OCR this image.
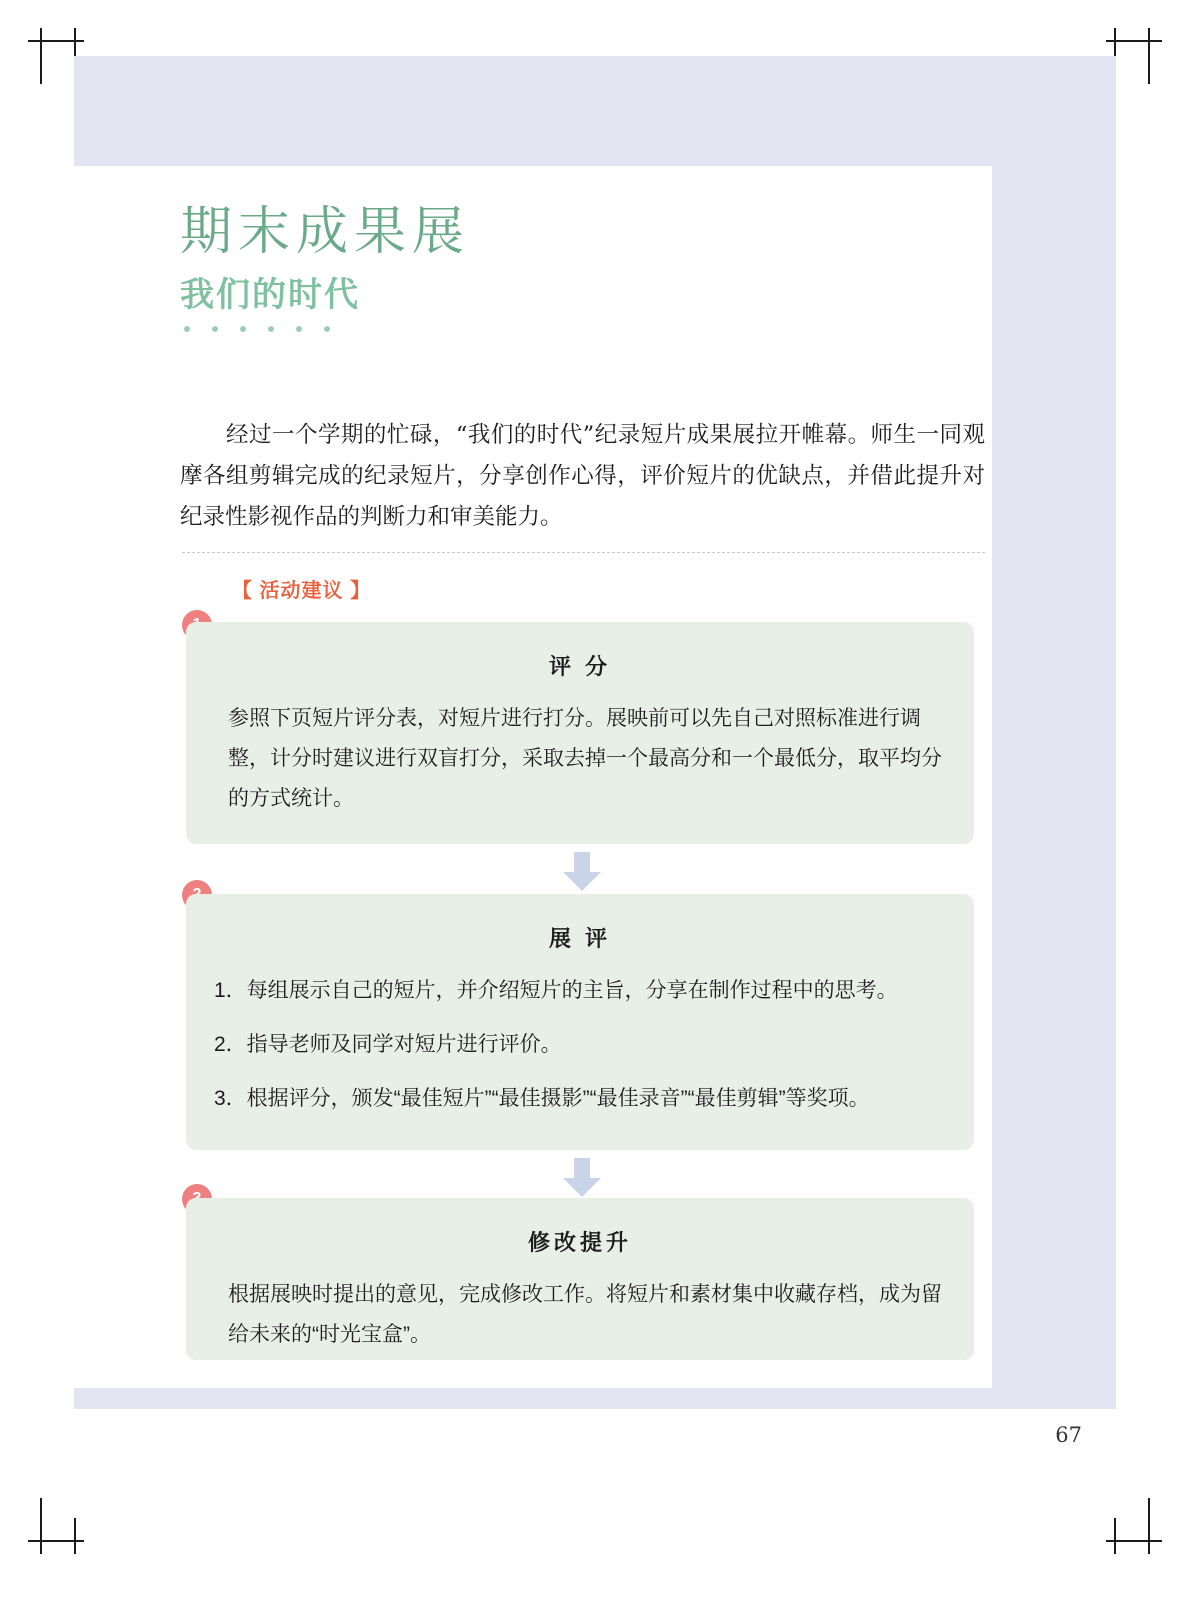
期末成果展
我们的时代
经过一个学期的忙碌，“我们的时代”纪录短片成果展拉开帷幕。师生一同观摩各组剪辑完成的纪录短片，分享创作心得，评价短片的优缺点，并借此提升对纪录性影视作品的判断力和审美能力。
【 活动建议 】
评 分

参照下页短片评分表，对短片进行打分。展映前可以先自己对照标准进行调整，计分时建议进行双盲打分，采取去掉一个最高分和一个最低分，取平均分的方式统计。

展 评

1．每组展示自己的短片，并介绍短片的主旨，分享在制作过程中的思考。

2．指导老师及同学对短片进行评价。

3．根据评分，颁发“最佳短片”“最佳摄影”“最佳录音”“最佳剪辑”等奖项。

修改提升

根据展映时提出的意见，完成修改工作。将短片和素材集中收藏存档，成为留给未来的“时光宝盒”。

67
